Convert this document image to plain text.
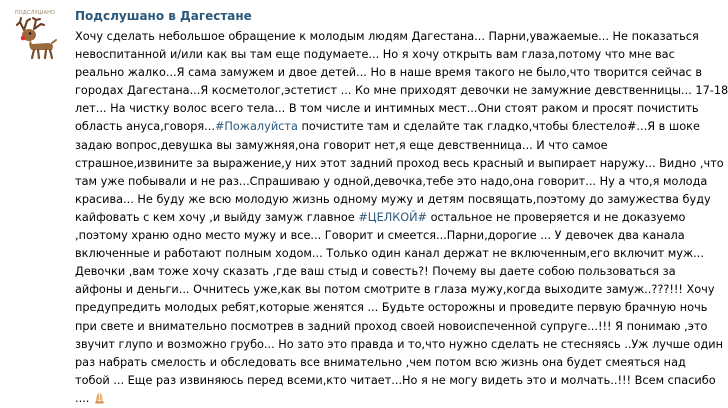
ПОДСЛУШАНО	Подслушано в Дагестане
Хочу сделать небольшое обращение к молодым людям Дагестана... Парни,уважаемые... Не показаться
невоспитанной и/или как вы там еще подумаете... Но я хочу открыть вам глаза,потому что мне вас
реально жалко...Я сама замужем и двое детей... Но в наше время такого не было,что творится сейчас в
городах Дагестана...Я косметолог,эстетист ... Ко мне приходят девочки не замужние девственницы... 17-18
лет... На чистку волос всего тела... В том числе и интимных мест...Они стоят раком и просят почистить
область ануса,говоря...#Пожалуйста почистите там и сделайте так гладко,чтобы блестело#...Я в шоке
задаю вопрос,девушка вы замужняя,она говорит нет,я еще девственница... И что самое
страшное,извините за выражение,у них этот задний проход весь красный и выпирает наружу... Видно ,что
там уже побывали и не раз...Спрашиваю у одной,девочка,тебе это надо,она говорит... Ну а что,я молода
красива... Не буду же всю молодую жизнь одному мужу и детям посвящать,поэтому до замужества буду
кайфовать с кем хочу ,и выйду замуж главное #ЦЕЛКОЙ# остальное не проверяется и не доказуемо
,поэтому храню одно место мужу и все... Говорит и смеется...Парни,дорогие ... У девочек два канала
включенные и работают полным ходом... Только один канал держат не включенным,его включит муж...
Девочки ,вам тоже хочу сказать ,где ваш стыд и совесть?! Почему вы даете собою пользоваться за
айфоны и деньги... Очнитесь уже,как вы потом смотрите в глаза мужу,когда выходите замуж..???!!! Хочу
предупредить молодых ребят,которые женятся ... Будьте осторожны и проведите первую брачную ночь
при свете и внимательно посмотрев в задний проход своей новоиспеченной супруге...!!! Я понимаю ,это
звучит глупо и возможно грубо... Но зато это правда и то,что нужно сделать не стесняясь ..Уж лучше один
раз набрать смелость и обследовать все внимательно ,чем потом всю жизнь она будет смеяться над
тобой ... Еще раз извиняюсь перед всеми,кто читает...Но я не могу видеть это и молчать..!!! Всем спасибо
....
